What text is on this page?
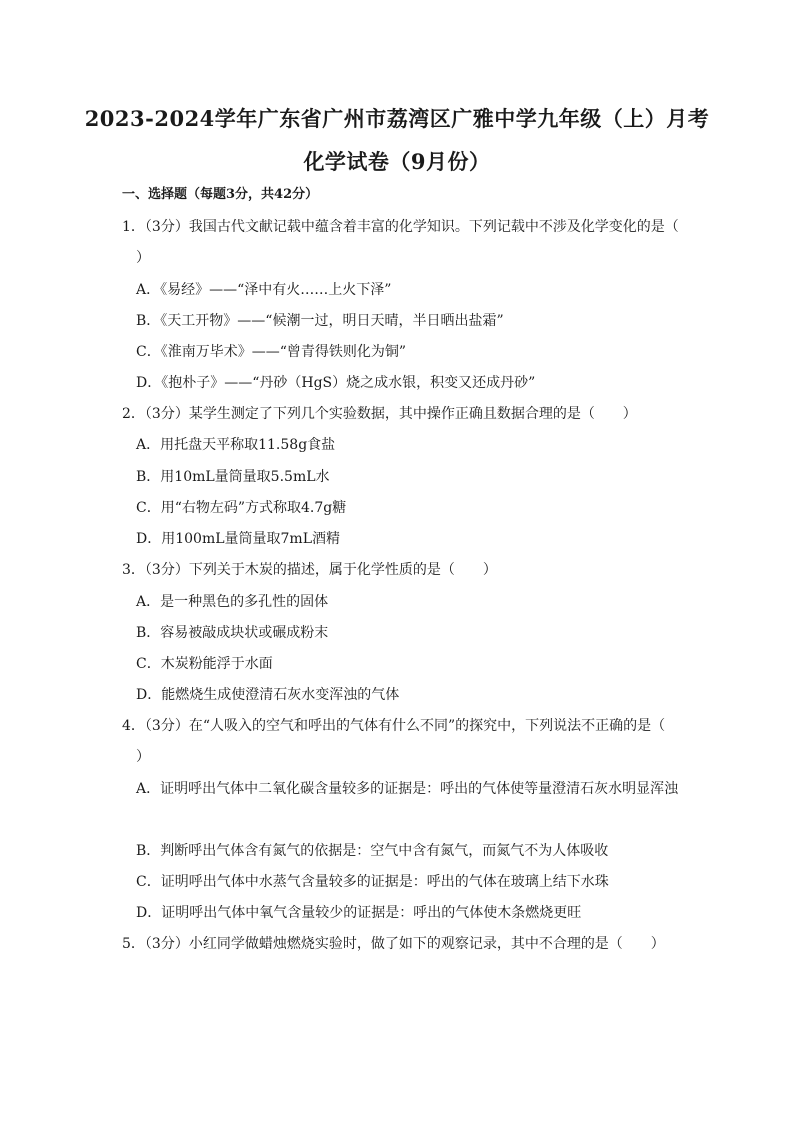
2023-2024学年广东省广州市荔湾区广雅中学九年级（上）月考
化学试卷（9月份）
一、选择题（每题3分，共42分）
1．（3分）我国古代文献记载中蕴含着丰富的化学知识。下列记载中不涉及化学变化的是（
）
A．《易经》——“泽中有火……上火下泽”
B．《天工开物》——“候潮一过，明日天晴，半日晒出盐霜”
C．《淮南万毕术》——“曾青得铁则化为铜”
D．《抱朴子》——“丹砂（HgS）烧之成水银，积变又还成丹砂”
2．（3分）某学生测定了下列几个实验数据，其中操作正确且数据合理的是（　　）
A．用托盘天平称取11.58g食盐
B．用10mL量筒量取5.5mL水
C．用“右物左码”方式称取4.7g糖
D．用100mL量筒量取7mL酒精
3．（3分）下列关于木炭的描述，属于化学性质的是（　　）
A．是一种黑色的多孔性的固体
B．容易被敲成块状或碾成粉末
C．木炭粉能浮于水面
D．能燃烧生成使澄清石灰水变浑浊的气体
4．（3分）在“人吸入的空气和呼出的气体有什么不同”的探究中，下列说法不正确的是（
）
A．证明呼出气体中二氧化碳含量较多的证据是：呼出的气体使等量澄清石灰水明显浑浊
B．判断呼出气体含有氮气的依据是：空气中含有氮气，而氮气不为人体吸收
C．证明呼出气体中水蒸气含量较多的证据是：呼出的气体在玻璃上结下水珠
D．证明呼出气体中氧气含量较少的证据是：呼出的气体使木条燃烧更旺
5．（3分）小红同学做蜡烛燃烧实验时，做了如下的观察记录，其中不合理的是（　　）
